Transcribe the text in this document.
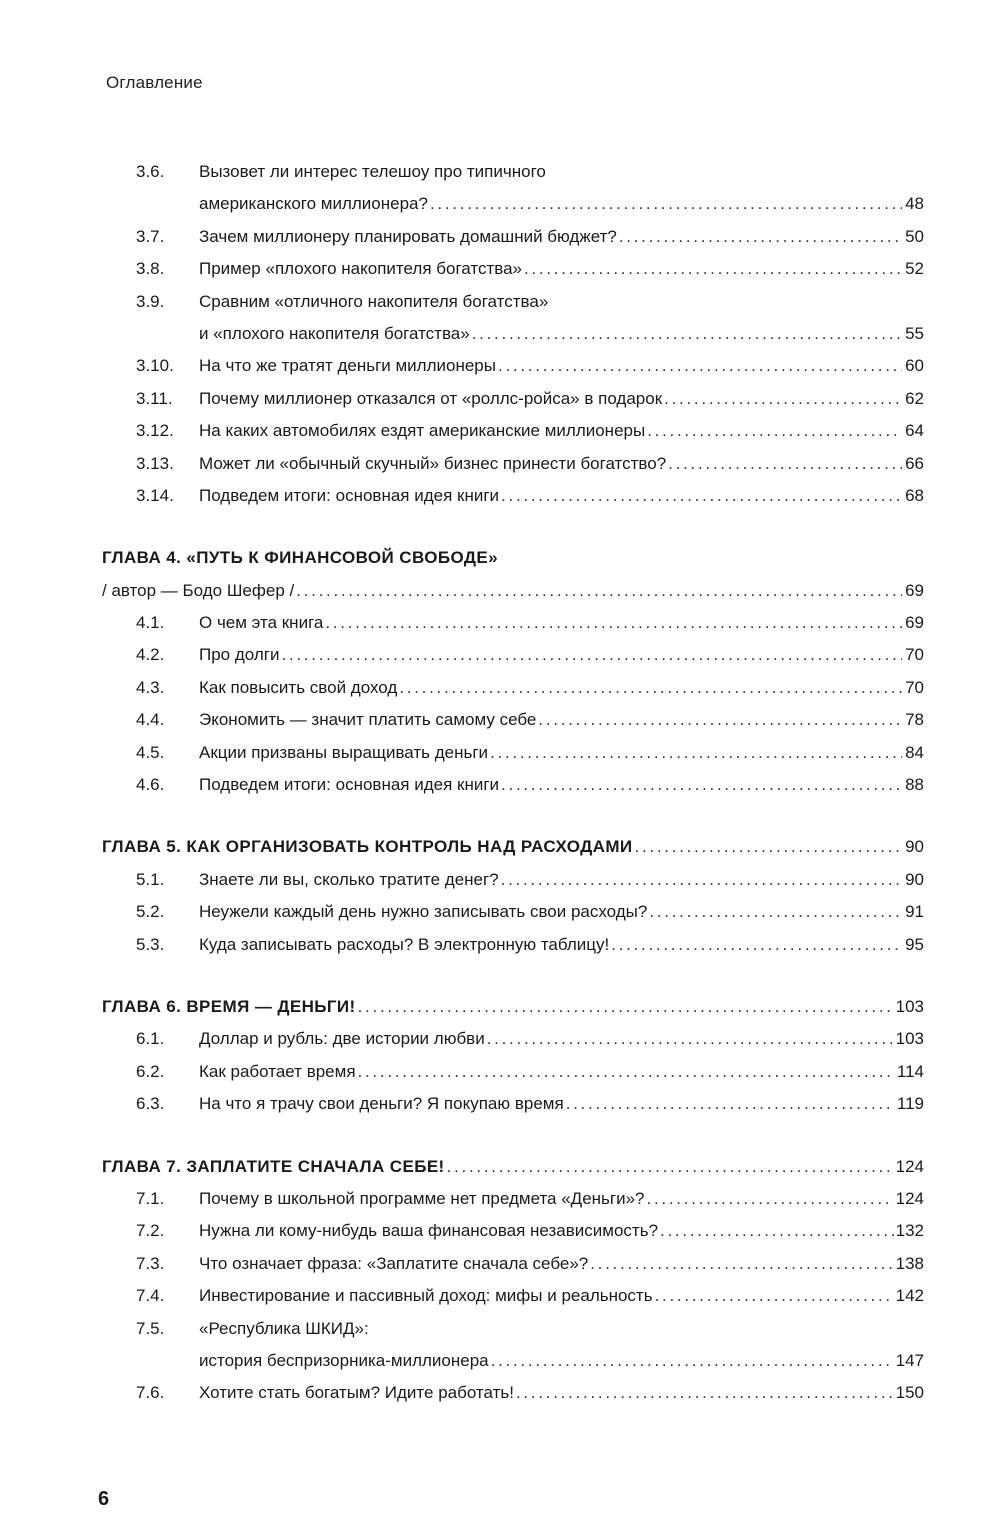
Оглавление
3.6.	Вызовет ли интерес телешоу про типичного
американского миллионера? . . .	48
3.7.	Зачем миллионеру планировать домашний бюджет? . . .	50
3.8.	Пример «плохого накопителя богатства» . . .	52
3.9.	Сравним «отличного накопителя богатства»
и «плохого накопителя богатства» . . .	55
3.10.	На что же тратят деньги миллионеры . . .	60
3.11.	Почему миллионер отказался от «роллс-ройса» в подарок . . .	62
3.12.	На каких автомобилях ездят американские миллионеры . . .	64
3.13.	Может ли «обычный скучный» бизнес принести богатство? . . .	66
3.14.	Подведем итоги: основная идея книги . . .	68
ГЛАВА 4 . «ПУТЬ К ФИНАНСОВОЙ СВОБОДЕ»
/ автор — Бодо Шефер / . . .	69
4.1.	О чем эта книга . . .	69
4.2.	Про долги . . .	70
4.3.	Как повысить свой доход . . .	70
4.4.	Экономить — значит платить самому себе . . .	78
4.5.	Акции призваны выращивать деньги . . .	84
4.6.	Подведем итоги: основная идея книги . . .	88
ГЛАВА 5 . КАК ОРГАНИЗОВАТЬ КОНТРОЛЬ НАД РАСХОДАМИ . . .	90
5.1.	Знаете ли вы, сколько тратите денег? . . .	90
5.2.	Неужели каждый день нужно записывать свои расходы? . . .	91
5.3.	Куда записывать расходы? В электронную таблицу! . . .	95
ГЛАВА 6 . ВРЕМЯ — ДЕНЬГИ! . . .	103
6.1.	Доллар и рубль: две истории любви . . .	103
6.2.	Как работает время . . .	114
6.3.	На что я трачу свои деньги? Я покупаю время . . .	119
ГЛАВА 7 . ЗАПЛАТИТЕ СНАЧАЛА СЕБЕ! . . .	124
7.1.	Почему в школьной программе нет предмета «Деньги»? . . .	124
7.2.	Нужна ли кому-нибудь ваша финансовая независимость? . . .	132
7.3.	Что означает фраза: «Заплатите сначала себе»? . . .	138
7.4.	Инвестирование и пассивный доход: мифы и реальность . . .	142
7.5.	«Республика ШКИД»:
история беспризорника-миллионера . . .	147
7.6.	Хотите стать богатым? Идите работать! . . .	150
6
